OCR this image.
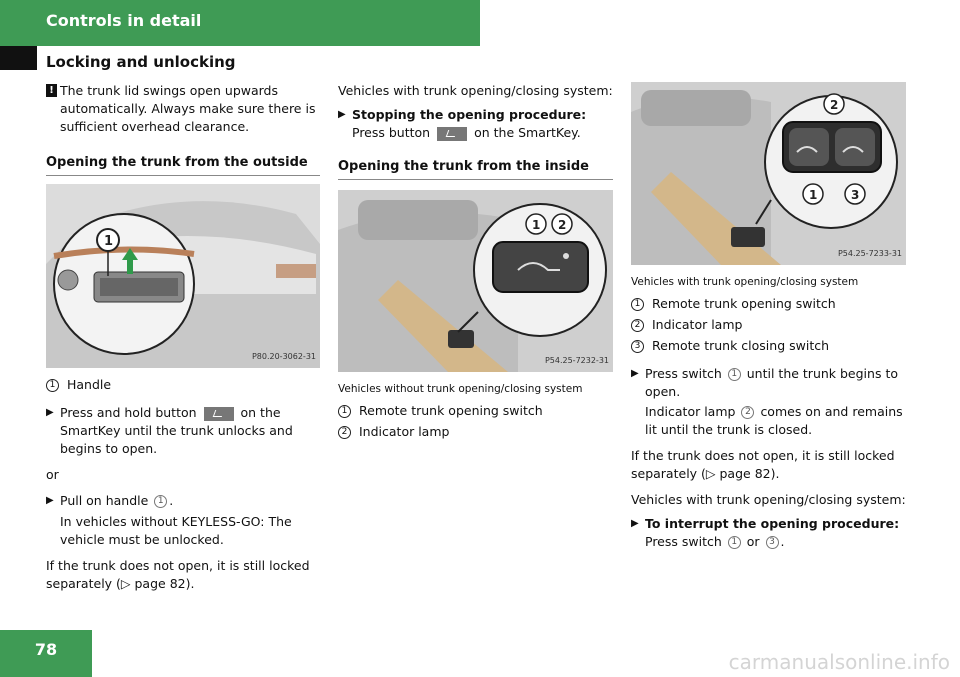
Controls in detail
Locking and unlocking
! The trunk lid swings open upwards automatically. Always make sure there is sufficient overhead clearance.
Opening the trunk from the outside
1
P80.20-3062-31
1 Handle
▶ Press and hold button	on the SmartKey until the trunk unlocks and begins to open.

or

▶ Pull on handle 1 .

In vehicles without KEYLESS-GO: The vehicle must be unlocked.

If the trunk does not open, it is still locked separately (▷ page 82).

Vehicles with trunk opening/closing system:

▶ Stopping the opening procedure: Press button	on the SmartKey.
Opening the trunk from the inside
1 2
P54.25-7232-31
Vehicles without trunk opening/closing system
1 Remote trunk opening switch
2 Indicator lamp
2
1	3
P54.25-7233-31
Vehicles with trunk opening/closing system
1 Remote trunk opening switch
2 Indicator lamp
3 Remote trunk closing switch
▶ Press switch 1 until the trunk begins to open.

Indicator lamp 2 comes on and remains lit until the trunk is closed.

If the trunk does not open, it is still locked separately (▷ page 82).

Vehicles with trunk opening/closing system:

▶ To interrupt the opening procedure:
Press switch 1 or 3 .
78
carmanualsonline.info
